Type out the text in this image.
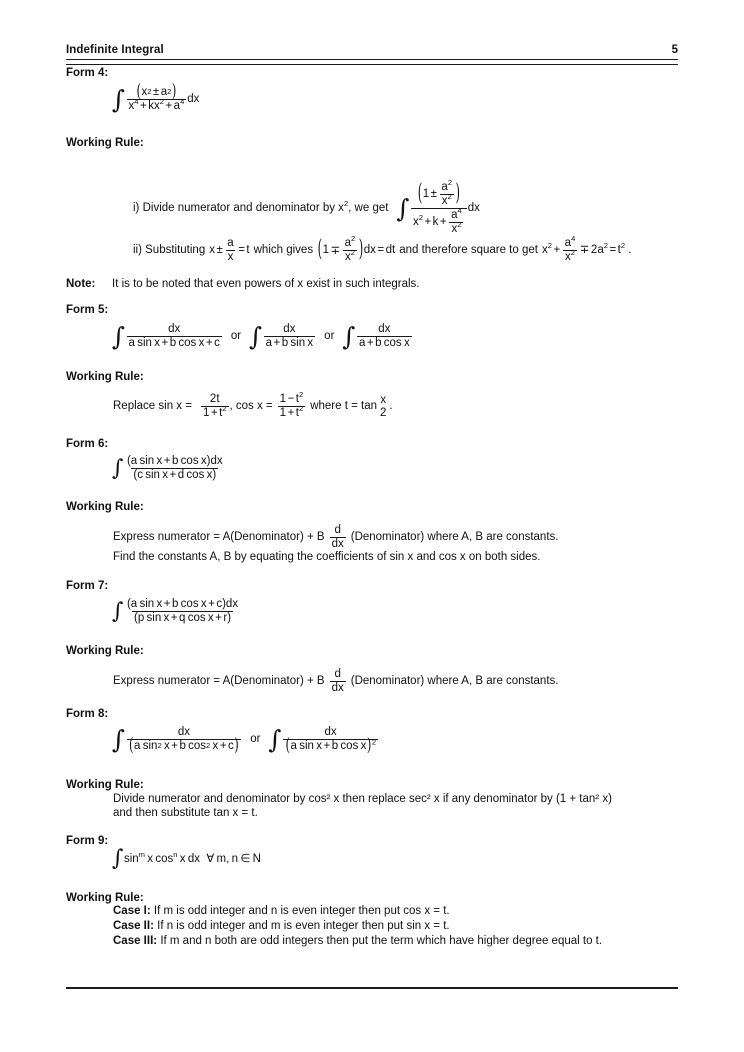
Indefinite Integral	5
Form 4:
∫ $\frac{( x 2 \pm a 2 )}{x^4 + kx^2 + a^4}$ dx
Working Rule:
i) Divide numerator and denominator by $x^2$, we get ∫ $\frac{( 1 \pm \frac{a^2}{x^2} )}{x^2 + k + \frac{a^4}{x^2}}$ dx
ii) Substituting $x \pm \frac{a}{x} = t$ which gives ( $1 \mp \frac{a^2}{x^2}$ ) dx = dt and therefore square to get $x^2 + \frac{a^4}{x^2} \mp 2a^2 = t^2$ .
Note: It is to be noted that even powers of x exist in such integrals.
Form 5:
∫ $\frac{dx}{\text{a sin x + b cos x + c}}$ or ∫ $\frac{dx}{\text{a + b sin x}}$ or ∫ $\frac{dx}{\text{a + b cos x}}$
Working Rule:
Replace $\sin x = \frac{2t}{1 + t^2}$ , $\cos x = \frac{1 - t^2}{1 + t^2}$ where t = tan
x
2
.
Form 6:
∫ $\frac{\text{(a sin x + b cos x)dx}}{\text{(c sin x + d cos x)}}$
Working Rule:
Express numerator = A(Denominator) + B $\frac{d}{dx}$ (Denominator) where A, B are constants.
Find the constants A, B by equating the coefficients of sin x and cos x on both sides.
Form 7:
∫ $\frac{\text{(a sin x + b cos x + c)dx}}{\text{(p sin x + q cos x + r)}}$
Working Rule:
Express numerator = A(Denominator) + B $\frac{d}{dx}$ (Denominator) where A, B are constants.
Form 8:
∫ $\frac{dx}{\text{( a sin 2  x + b cos 2  x + c )}}$ or ∫ $\frac{dx}{( a \sin x + b \cos x ) ^2}$
Working Rule:
Divide numerator and denominator by cos² x then replace sec² x if any denominator by (1 + tan² x)
and then substitute tan x = t.
Form 9:
∫ $\sin^m x$ $\cos^n x$ dx  ∀ m, n ∈ N
Working Rule:
Case I: If m is odd integer and n is even integer then put cos x = t.
Case II: If n is odd integer and m is even integer then put sin x = t.
Case III: If m and n both are odd integers then put the term which have higher degree equal to t.
